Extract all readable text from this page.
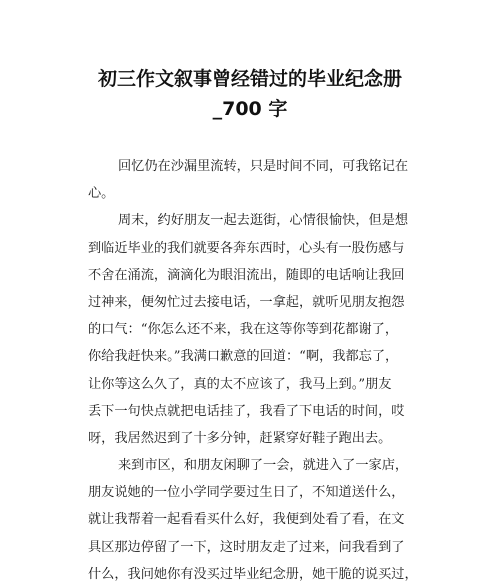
初三作文叙事曾经错过的毕业纪念册
_700 字
回忆仍在沙漏里流转，只是时间不同，可我铭记在
心。
周末，约好朋友一起去逛街，心情很愉快，但是想
到临近毕业的我们就要各奔东西时，心头有一股伤感与
不舍在涌流，滴滴化为眼泪流出，随即的电话响让我回
过神来，便匆忙过去接电话，一拿起，就听见朋友抱怨
的口气：“你怎么还不来，我在这等你等到花都谢了，
你给我赶快来。”我满口歉意的回道：“啊，我都忘了，
让你等这么久了，真的太不应该了，我马上到。”朋友
丢下一句快点就把电话挂了，我看了下电话的时间，哎
呀，我居然迟到了十多分钟，赶紧穿好鞋子跑出去。
来到市区，和朋友闲聊了一会，就进入了一家店，
朋友说她的一位小学同学要过生日了，不知道送什么，
就让我帮着一起看看买什么好，我便到处看了看，在文
具区那边停留了一下，这时朋友走了过来，问我看到了
什么，我问她你有没买过毕业纪念册，她干脆的说买过，
